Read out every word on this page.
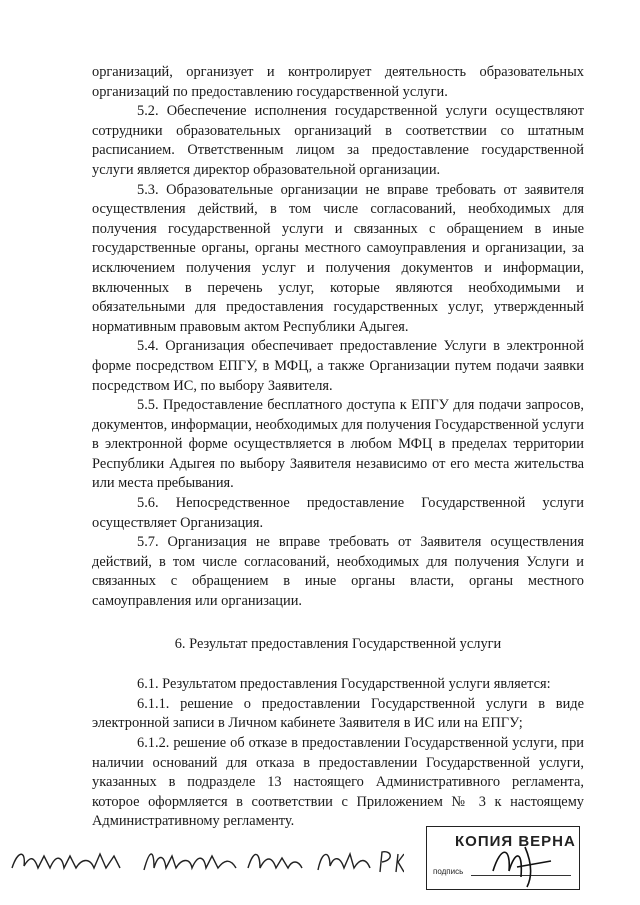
организаций, организует и контролирует деятельность образовательных организаций по предоставлению государственной услуги.

5.2. Обеспечение исполнения государственной услуги осуществляют сотрудники образовательных организаций в соответствии со штатным расписанием. Ответственным лицом за предоставление государственной услуги является директор образовательной организации.

5.3. Образовательные организации не вправе требовать от заявителя осуществления действий, в том числе согласований, необходимых для получения государственной услуги и связанных с обращением в иные государственные органы, органы местного самоуправления и организации, за исключением получения услуг и получения документов и информации, включенных в перечень услуг, которые являются необходимыми и обязательными для предоставления государственных услуг, утвержденный нормативным правовым актом Республики Адыгея.

5.4. Организация обеспечивает предоставление Услуги в электронной форме посредством ЕПГУ, в МФЦ, а также Организации путем подачи заявки посредством ИС, по выбору Заявителя.

5.5. Предоставление бесплатного доступа к ЕПГУ для подачи запросов, документов, информации, необходимых для получения Государственной услуги в электронной форме осуществляется в любом МФЦ в пределах территории Республики Адыгея по выбору Заявителя независимо от его места жительства или места пребывания.

5.6. Непосредственное предоставление Государственной услуги осуществляет Организация.

5.7. Организация не вправе требовать от Заявителя осуществления действий, в том числе согласований, необходимых для получения Услуги и связанных с обращением в иные органы власти, органы местного самоуправления или организации.

6. Результат предоставления Государственной услуги

6.1. Результатом предоставления Государственной услуги является:

6.1.1. решение о предоставлении Государственной услуги в виде электронной записи в Личном кабинете Заявителя в ИС или на ЕПГУ;

6.1.2. решение об отказе в предоставлении Государственной услуги, при наличии оснований для отказа в предоставлении Государственной услуги, указанных в подразделе 13 настоящего Административного регламента, которое оформляется в соответствии с Приложением № 3 к настоящему Административному регламенту.

КОПИЯ ВЕРНА
подпись
